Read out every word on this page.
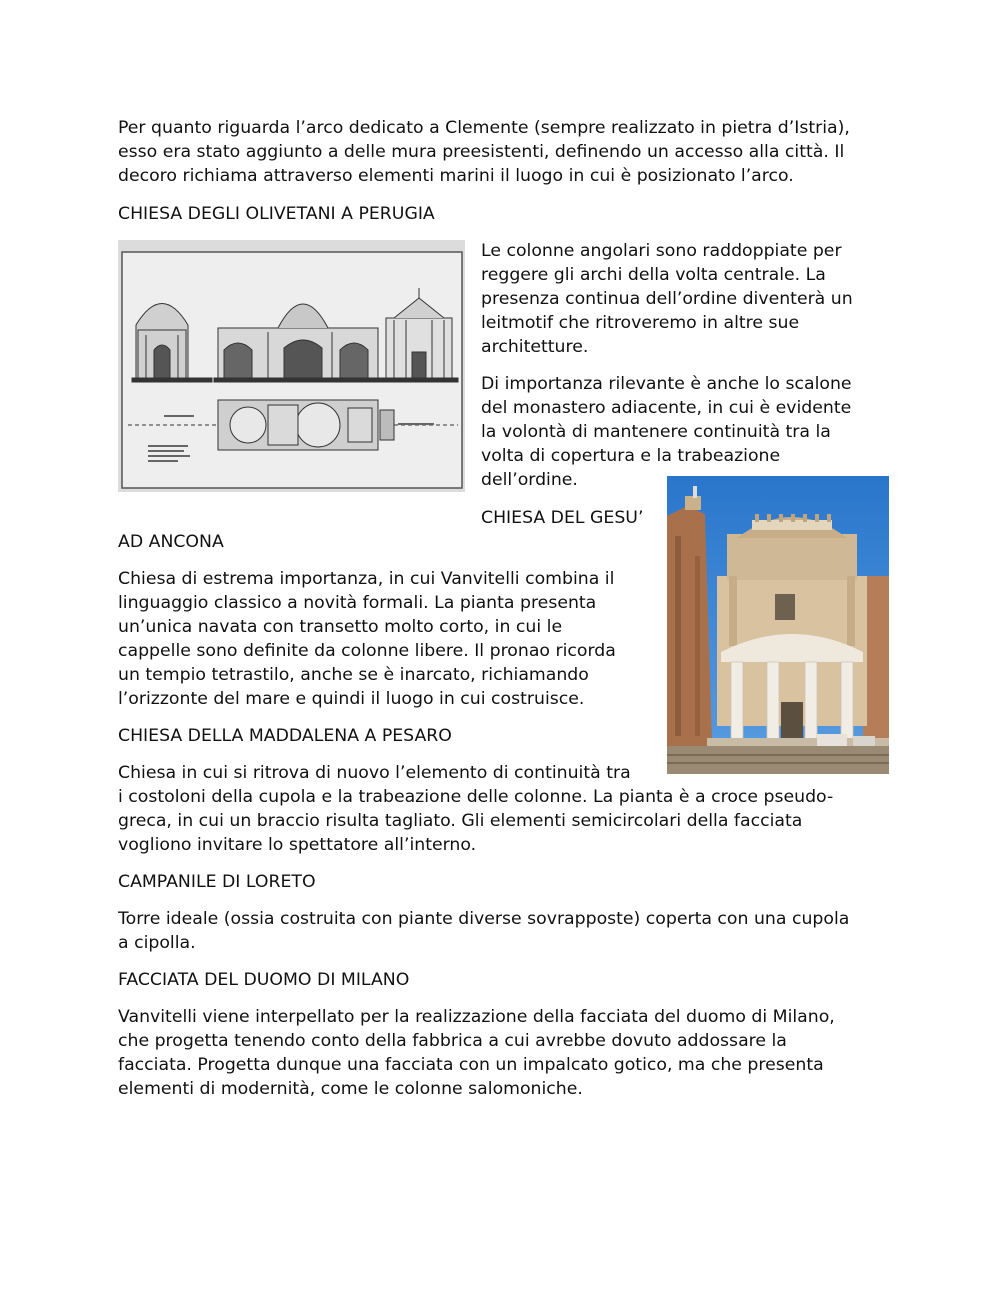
Per quanto riguarda l’arco dedicato a Clemente (sempre realizzato in pietra d’Istria),
esso era stato aggiunto a delle mura preesistenti, definendo un accesso alla città. Il
decoro richiama attraverso elementi marini il luogo in cui è posizionato l’arco.

CHIESA DEGLI OLIVETANI A PERUGIA

Le colonne angolari sono raddoppiate per
reggere gli archi della volta centrale. La
presenza continua dell’ordine diventerà un
leitmotif che ritroveremo in altre sue
architetture.

Di importanza rilevante è anche lo scalone
del monastero adiacente, in cui è evidente
la volontà di mantenere continuità tra la
volta di copertura e la trabeazione
dell’ordine.

CHIESA DEL GESU’

AD ANCONA

Chiesa di estrema importanza, in cui Vanvitelli combina il
linguaggio classico a novità formali. La pianta presenta
un’unica navata con transetto molto corto, in cui le
cappelle sono definite da colonne libere. Il pronao ricorda
un tempio tetrastilo, anche se è inarcato, richiamando
l’orizzonte del mare e quindi il luogo in cui costruisce.

CHIESA DELLA MADDALENA A PESARO

Chiesa in cui si ritrova di nuovo l’elemento di continuità tra
i costoloni della cupola e la trabeazione delle colonne. La pianta è a croce pseudo-
greca, in cui un braccio risulta tagliato. Gli elementi semicircolari della facciata
vogliono invitare lo spettatore all’interno.

CAMPANILE DI LORETO

Torre ideale (ossia costruita con piante diverse sovrapposte) coperta con una cupola
a cipolla.

FACCIATA DEL DUOMO DI MILANO

Vanvitelli viene interpellato per la realizzazione della facciata del duomo di Milano,
che progetta tenendo conto della fabbrica a cui avrebbe dovuto addossare la
facciata. Progetta dunque una facciata con un impalcato gotico, ma che presenta
elementi di modernità, come le colonne salomoniche.
